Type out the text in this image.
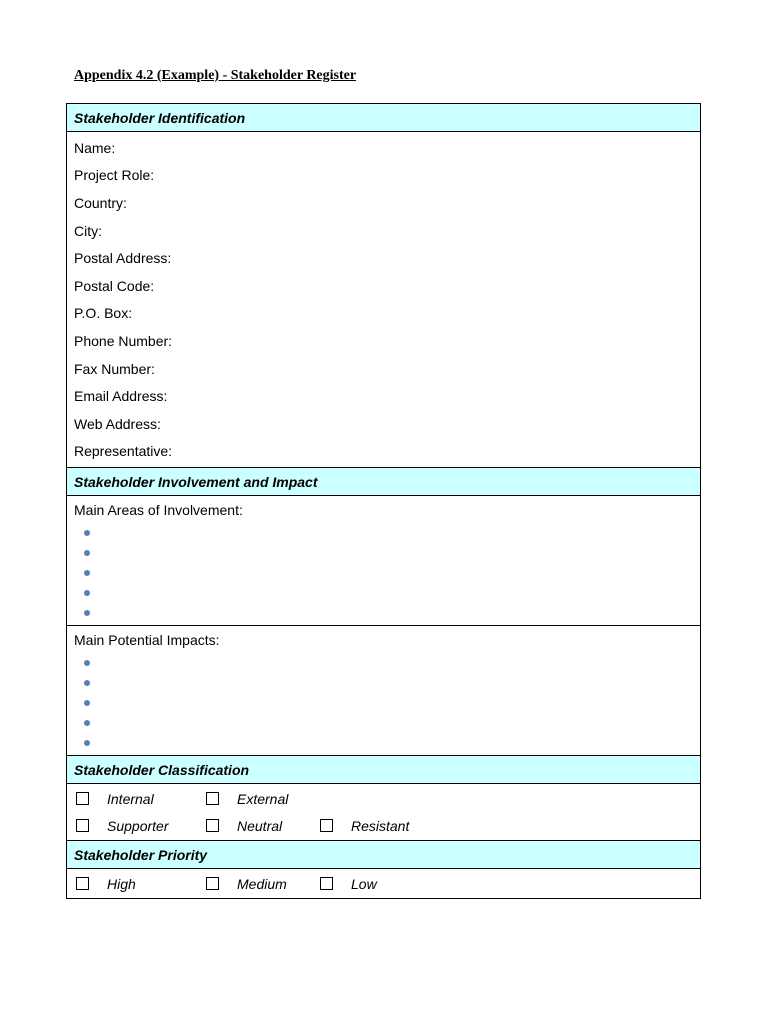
Appendix 4.2 (Example) - Stakeholder Register
Stakeholder Identification
Name:
Project Role:
Country:
City:
Postal Address:
Postal Code:
P.O. Box:
Phone Number:
Fax Number:
Email Address:
Web Address:
Representative:
Stakeholder Involvement and Impact
Main Areas of Involvement:
Main Potential Impacts:
Stakeholder Classification
Internal	External
Supporter	Neutral	Resistant
Stakeholder Priority
High	Medium	Low
